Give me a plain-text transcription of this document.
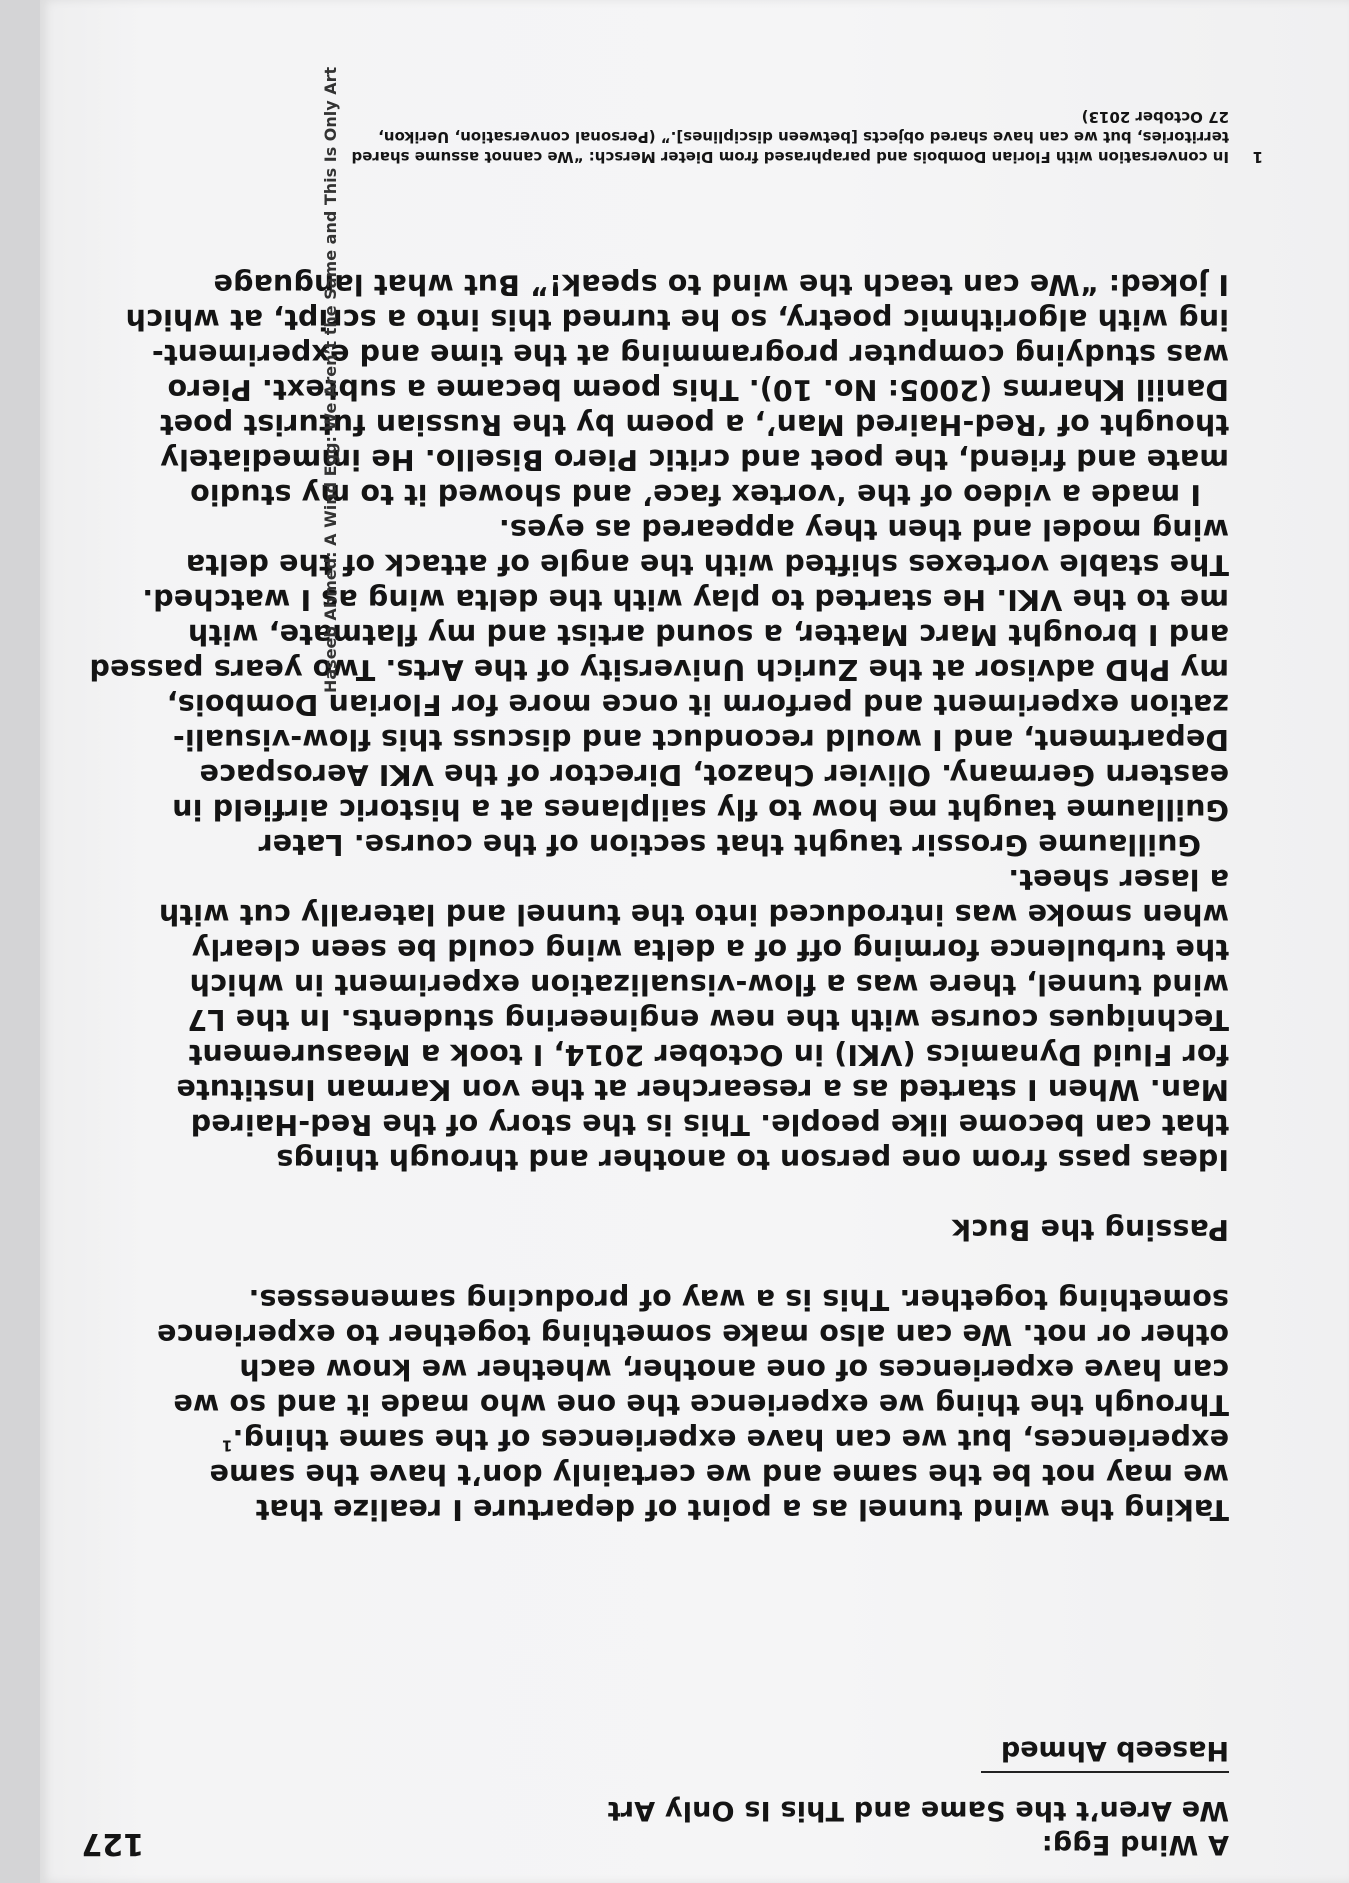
127	A Wind Egg:
We Aren’t the Same and This Is Only Art
Haseeb Ahmed
Taking the wind tunnel as a point of departure I realize that
we may not be the same and we certainly don’t have the same
experiences, but we can have experiences of the same thing.$^1$
Through the thing we experience the one who made it and so we
can have experiences of one another, whether we know each
other or not. We can also make something together to experience
something together. This is a way of producing samenesses.
Passing the Buck
Ideas pass from one person to another and through things
that can become like people. This is the story of the Red-Haired
Man. When I started as a researcher at the von Karman Institute
for Fluid Dynamics (VKI) in October 2014, I took a Measurement
Techniques course with the new engineering students. In the L7
wind tunnel, there was a flow-visualization experiment in which
the turbulence forming off of a delta wing could be seen clearly
when smoke was introduced into the tunnel and laterally cut with
a laser sheet.
Guillaume Grossir taught that section of the course. Later
Guillaume taught me how to fly sailplanes at a historic airfield in
eastern Germany. Olivier Chazot, Director of the VKI Aerospace
Department, and I would reconduct and discuss this flow-visuali-
zation experiment and perform it once more for Florian Dombois,
my PhD advisor at the Zurich University of the Arts. Two years passed
and I brought Marc Matter, a sound artist and my flatmate, with
me to the VKI. He started to play with the delta wing as I watched.
The stable vortexes shifted with the angle of attack of the delta
wing model and then they appeared as eyes.
I made a video of the ‘vortex face’ and showed it to my studio
mate and friend, the poet and critic Piero Bisello. He immediately
thought of ‘Red-Haired Man’, a poem by the Russian futurist poet
Daniil Kharms (2005: No. 10). This poem became a subtext. Piero
was studying computer programming at the time and experiment-
ing with algorithmic poetry, so he turned this into a script, at which
I joked: “We can teach the wind to speak!” But what language
1
In conversation with Florian Dombois and paraphrased from Dieter Mersch: “We cannot assume shared
territories, but we can have shared objects [between disciplines].” (Personal conversation, Uerikon,
27 October 2013)
Haseeb Ahmed: A Wind Egg: We Aren’t the Same and This Is Only Art
